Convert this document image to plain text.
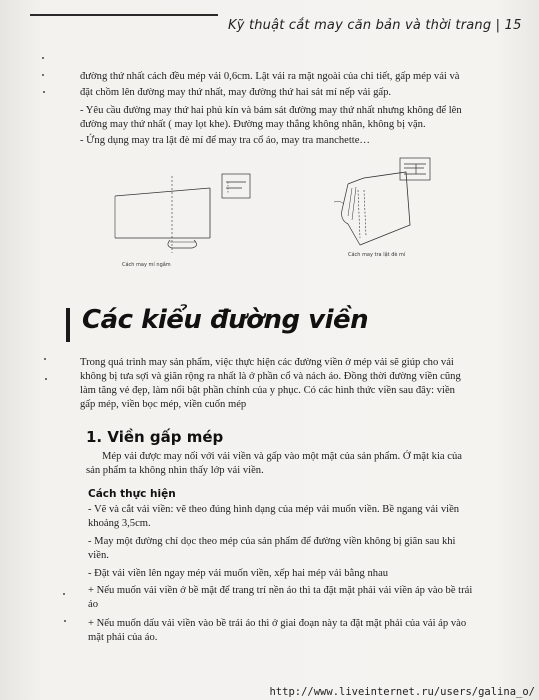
Kỹ thuật cắt may căn bản và thời trang | 15
đường thứ nhất cách đều mép vải 0,6cm. Lật vải ra mặt ngoài của chi tiết, gấp mép vải và
đặt chồm lên đường may thứ nhất, may đường thứ hai sát mí nếp vải gấp.
- Yêu cầu đường may thứ hai phủ kín và bám sát đường may thứ nhất nhưng không để lên
đường may thứ nhất ( may lọt khe). Đường may thẳng không nhăn, không bị vặn.
- Ứng dụng may tra lật đè mí để may tra cổ áo, may tra manchette…
Cách may mí ngầm
Cách may tra lật đè mí
Các kiểu đường viền
Trong quá trình may sản phẩm, việc thực hiện các đường viền ở mép vải sẽ giúp cho vải
không bị tưa sợi và giãn rộng ra nhất là ở phần cổ và nách áo. Đồng thời đường viền cũng
làm tăng vẻ đẹp, làm nổi bật phần chính của y phục. Có các hình thức viền sau đây: viền
gấp mép, viền bọc mép, viền cuốn mép
1. Viền gấp mép
Mép vải được may nối với vải viền và gấp vào một mặt của sản phẩm. Ở mặt kia của
sản phẩm ta không nhìn thấy lớp vải viền.
Cách thực hiện
- Vẽ và cắt vải viền: vẽ theo đúng hình dạng của mép vải muốn viền. Bề ngang vải viền
khoảng 3,5cm.
- May một đường chỉ dọc theo mép của sản phẩm để đường viền không bị giãn sau khi
viền.
- Đặt vải viền lên ngay mép vải muốn viền, xếp hai mép vải bằng nhau
+ Nếu muốn vải viền ở bề mặt để trang trí nền áo thì ta đặt mặt phải vải viền áp vào bề trái
áo
+ Nếu muốn dấu vải viền vào bề trái áo thì ở giai đoạn này ta đặt mặt phải của vải áp vào
mặt phải của áo.
http://www.liveinternet.ru/users/galina_o/
